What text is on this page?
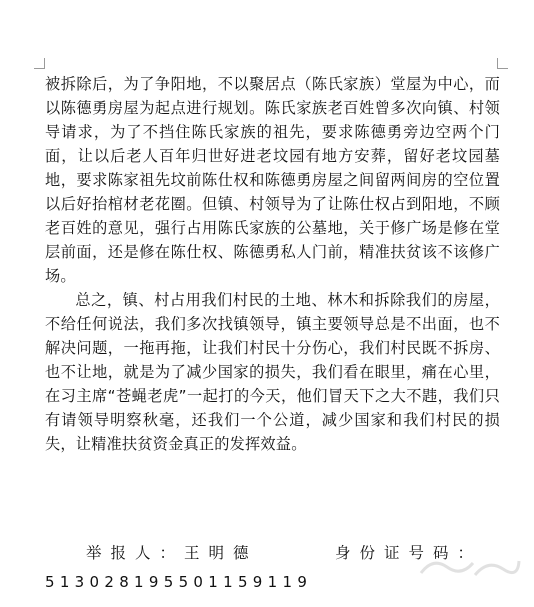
被拆除后，为了争阳地，不以聚居点（陈氏家族）堂屋为中心，而以陈德勇房屋为起点进行规划。陈氏家族老百姓曾多次向镇、村领导请求，为了不挡住陈氏家族的祖先，要求陈德勇旁边空两个门面，让以后老人百年归世好进老坟园有地方安葬，留好老坟园墓地，要求陈家祖先坟前陈仕权和陈德勇房屋之间留两间房的空位置以后好抬棺材老花圈。但镇、村领导为了让陈仕权占到阳地，不顾老百姓的意见，强行占用陈氏家族的公墓地，关于修广场是修在堂层前面，还是修在陈仕权、陈德勇私人门前，精准扶贫该不该修广场。

总之，镇、村占用我们村民的土地、林木和拆除我们的房屋，不给任何说法，我们多次找镇领导，镇主要领导总是不出面，也不解决问题，一拖再拖，让我们村民十分伤心，我们村民既不拆房、也不让地，就是为了减少国家的损失，我们看在眼里，痛在心里，在习主席“苍蝇老虎”一起打的今天，他们冒天下之大不韪，我们只有请领导明察秋毫，还我们一个公道，减少国家和我们村民的损失，让精准扶贫资金真正的发挥效益。

举报人：王明德	身份证号码：
513028195501159119
